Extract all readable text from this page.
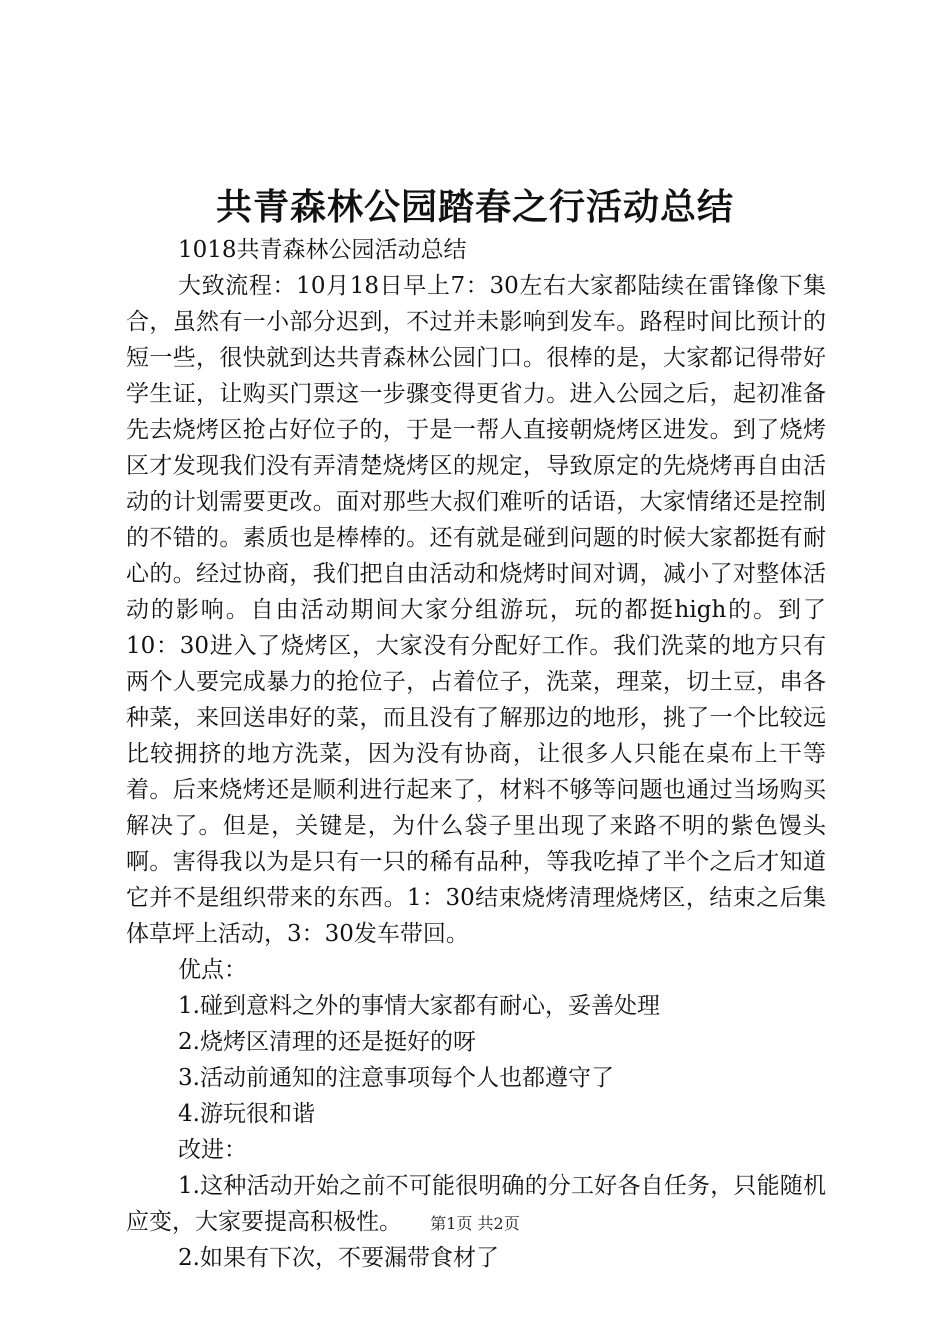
共青森林公园踏春之行活动总结

1018共青森林公园活动总结

大致流程：10月18日早上7：30左右大家都陆续在雷锋像下集合，虽然有一小部分迟到，不过并未影响到发车。路程时间比预计的短一些，很快就到达共青森林公园门口。很棒的是，大家都记得带好学生证，让购买门票这一步骤变得更省力。进入公园之后，起初准备先去烧烤区抢占好位子的，于是一帮人直接朝烧烤区进发。到了烧烤区才发现我们没有弄清楚烧烤区的规定，导致原定的先烧烤再自由活动的计划需要更改。面对那些大叔们难听的话语，大家情绪还是控制的不错的。素质也是棒棒的。还有就是碰到问题的时候大家都挺有耐心的。经过协商，我们把自由活动和烧烤时间对调，减小了对整体活动的影响。自由活动期间大家分组游玩，玩的都挺high的。到了10：30进入了烧烤区，大家没有分配好工作。我们洗菜的地方只有两个人要完成暴力的抢位子，占着位子，洗菜，理菜，切土豆，串各种菜，来回送串好的菜，而且没有了解那边的地形，挑了一个比较远比较拥挤的地方洗菜，因为没有协商，让很多人只能在桌布上干等着。后来烧烤还是顺利进行起来了，材料不够等问题也通过当场购买解决了。但是，关键是，为什么袋子里出现了来路不明的紫色馒头啊。害得我以为是只有一只的稀有品种，等我吃掉了半个之后才知道它并不是组织带来的东西。1：30结束烧烤清理烧烤区，结束之后集体草坪上活动，3：30发车带回。

优点：

1.碰到意料之外的事情大家都有耐心，妥善处理

2.烧烤区清理的还是挺好的呀

3.活动前通知的注意事项每个人也都遵守了

4.游玩很和谐

改进：

1.这种活动开始之前不可能很明确的分工好各自任务，只能随机应变，大家要提高积极性。

2.如果有下次，不要漏带食材了

第1页 共2页
